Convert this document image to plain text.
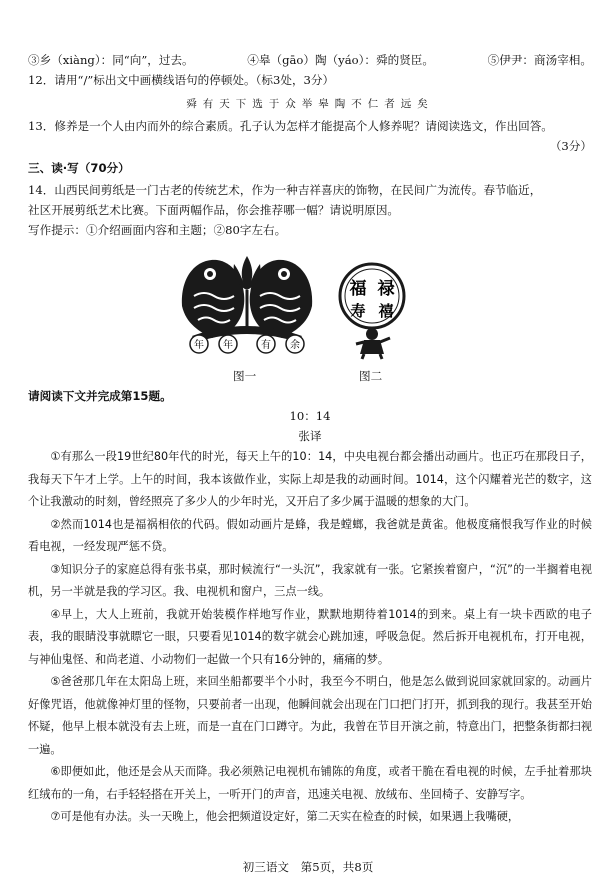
③乡（xiàng）：同“向”，过去。	④皋（gāo）陶（yáo）：舜的贤臣。	⑤伊尹：商汤宰相。
12．请用“/”标出文中画横线语句的停顿处。（标3处，3分）
舜有天下选于众举皋陶不仁者远矣
13．修养是一个人由内而外的综合素质。孔子认为怎样才能提高个人修养呢？请阅读选文，作出回答。
（3分）
三、读·写（70分）
14．山西民间剪纸是一门古老的传统艺术，作为一种吉祥喜庆的饰物，在民间广为流传。春节临近，
社区开展剪纸艺术比赛。下面两幅作品，你会推荐哪一幅？请说明原因。
写作提示：①介绍画面内容和主题；②80字左右。
年 年	有 余
福 禄
寿 禧
图一	图二
请阅读下文并完成第15题。
10：14
张译

①有那么一段19世纪80年代的时光，每天上午的10：14，中央电视台都会播出动画片。也正巧在那段日子，我每天下午才上学。上午的时间，我本该做作业，实际上却是我的动画时间。1014，这个闪耀着光芒的数字，这个让我激动的时刻，曾经照亮了多少人的少年时光，又开启了多少属于温暖的想象的大门。

②然而1014也是福祸相依的代码。假如动画片是蜂，我是螳螂，我爸就是黄雀。他极度痛恨我写作业的时候看电视，一经发现严惩不贷。

③知识分子的家庭总得有张书桌，那时候流行“一头沉”，我家就有一张。它紧挨着窗户，“沉”的一半搁着电视机，另一半就是我的学习区。我、电视机和窗户，三点一线。

④早上，大人上班前，我就开始装模作样地写作业，默默地期待着1014的到来。桌上有一块卡西欧的电子表，我的眼睛没事就瞟它一眼，只要看见1014的数字就会心跳加速，呼吸急促。然后拆开电视机布，打开电视，与神仙鬼怪、和尚老道、小动物们一起做一个只有16分钟的，痛痛的梦。

⑤爸爸那几年在太阳岛上班，来回坐船都要半个小时，我至今不明白，他是怎么做到说回家就回家的。动画片好像咒语，他就像神灯里的怪物，只要前者一出现，他瞬间就会出现在门口把门打开，抓到我的现行。我甚至开始怀疑，他早上根本就没有去上班，而是一直在门口蹲守。为此，我曾在节目开演之前，特意出门，把整条街都扫视一遍。

⑥即便如此，他还是会从天而降。我必须熟记电视机布铺陈的角度，或者干脆在看电视的时候，左手扯着那块红绒布的一角，右手轻轻搭在开关上，一听开门的声音，迅速关电视、放绒布、坐回椅子、安静写字。

⑦可是他有办法。头一天晚上，他会把频道设定好，第二天实在检查的时候，如果遇上我嘴硬，

初三语文　第5页，共8页
